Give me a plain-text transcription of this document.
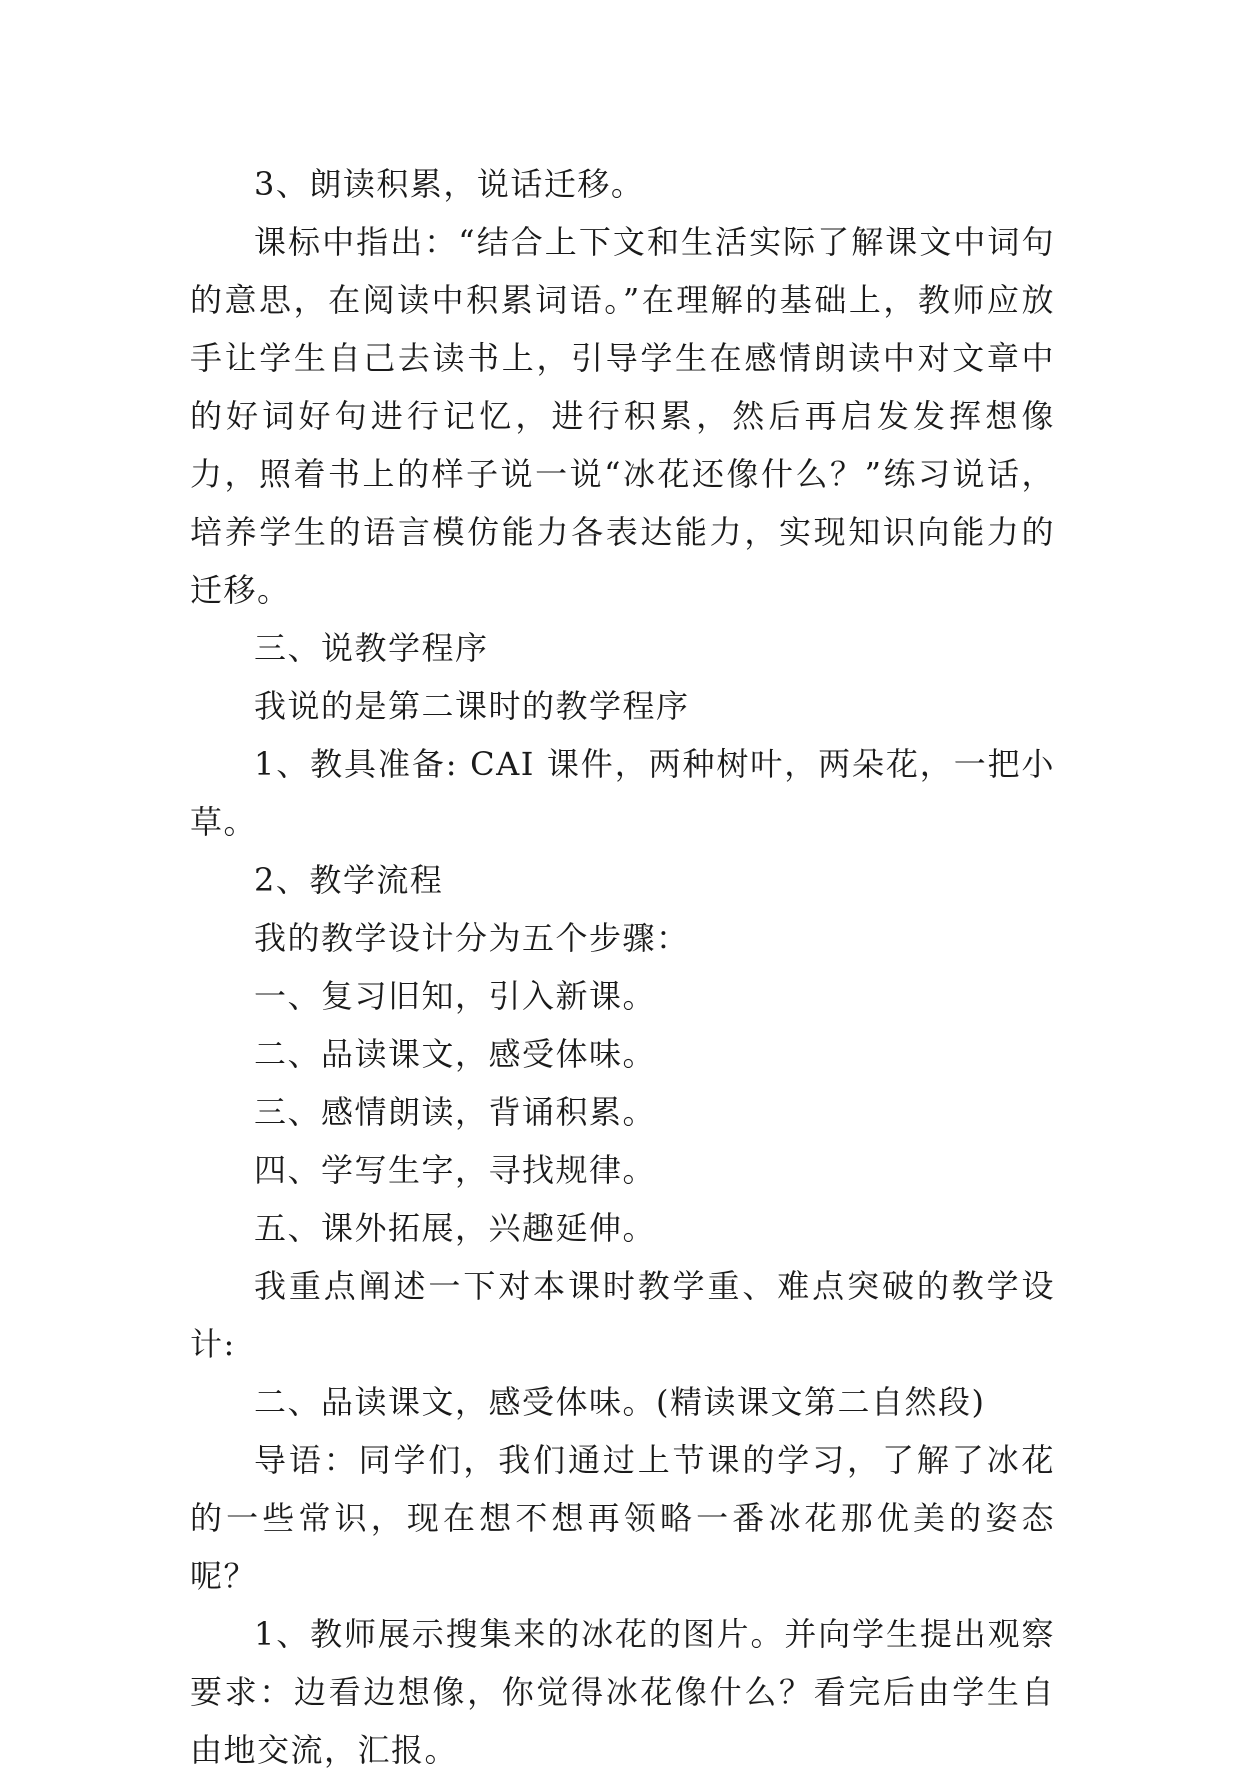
3、朗读积累，说话迁移。

课标中指出：“结合上下文和生活实际了解课文中词句的意思，在阅读中积累词语。”在理解的基础上，教师应放手让学生自己去读书上，引导学生在感情朗读中对文章中的好词好句进行记忆，进行积累，然后再启发发挥想像力，照着书上的样子说一说“冰花还像什么？”练习说话，培养学生的语言模仿能力各表达能力，实现知识向能力的迁移。

三、说教学程序

我说的是第二课时的教学程序

1、教具准备: CAI 课件，两种树叶，两朵花，一把小草。

2、教学流程

我的教学设计分为五个步骤：

一、复习旧知，引入新课。

二、品读课文，感受体味。

三、感情朗读，背诵积累。

四、学写生字，寻找规律。

五、课外拓展，兴趣延伸。

我重点阐述一下对本课时教学重、难点突破的教学设计:

二、品读课文，感受体味。(精读课文第二自然段)

导语：同学们，我们通过上节课的学习，了解了冰花的一些常识，现在想不想再领略一番冰花那优美的姿态呢？

1、教师展示搜集来的冰花的图片。并向学生提出观察要求：边看边想像，你觉得冰花像什么？看完后由学生自由地交流，汇报。
